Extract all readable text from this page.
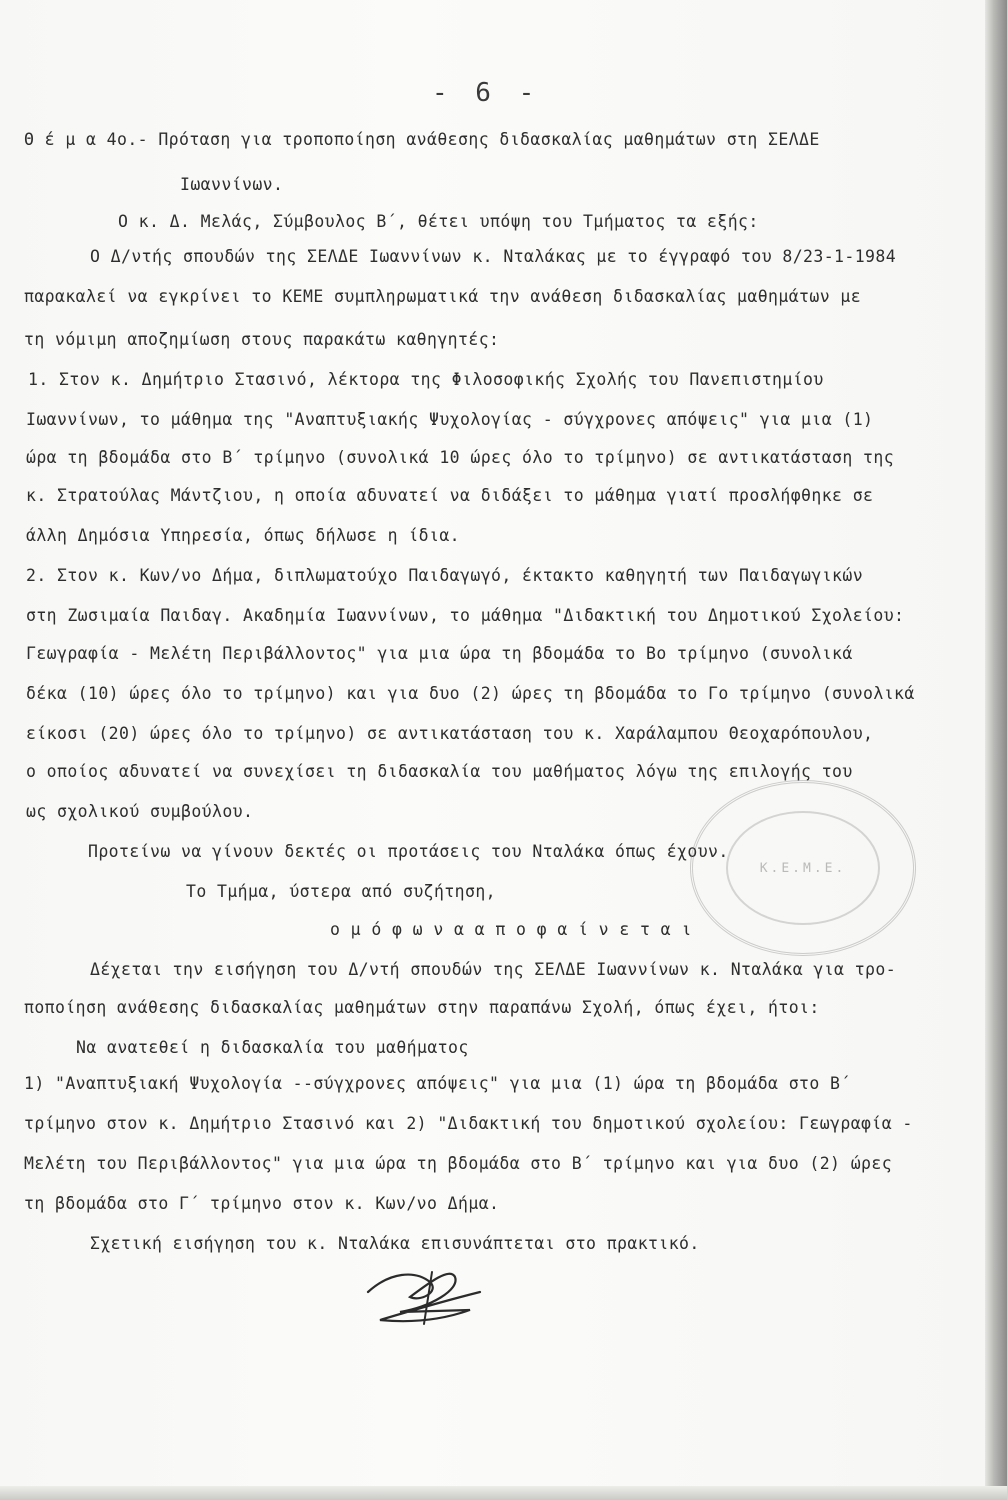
- 6 -
Θ έ μ α 4ο.- Πρόταση για τροποποίηση ανάθεσης διδασκαλίας μαθημάτων στη ΣΕΛΔΕ
Ιωαννίνων.
Ο κ. Δ. Μελάς, Σύμβουλος Β΄, θέτει υπόψη του Τμήματος τα εξής:
Ο Δ/ντής σπουδών της ΣΕΛΔΕ Ιωαννίνων κ. Νταλάκας με το έγγραφό του 8/23-1-1984
παρακαλεί να εγκρίνει το ΚΕΜΕ συμπληρωματικά την ανάθεση διδασκαλίας μαθημάτων με
τη νόμιμη αποζημίωση στους παρακάτω καθηγητές:
1. Στον κ. Δημήτριο Στασινό, λέκτορα της Φιλοσοφικής Σχολής του Πανεπιστημίου
Ιωαννίνων, το μάθημα της "Αναπτυξιακής Ψυχολογίας - σύγχρονες απόψεις" για μια (1)
ώρα τη βδομάδα στο Β΄ τρίμηνο (συνολικά 10 ώρες όλο το τρίμηνο) σε αντικατάσταση της
κ. Στρατούλας Μάντζιου, η οποία αδυνατεί να διδάξει το μάθημα γιατί προσλήφθηκε σε
άλλη Δημόσια Υπηρεσία, όπως δήλωσε η ίδια.
2. Στον κ. Κων/νο Δήμα, διπλωματούχο Παιδαγωγό, έκτακτο καθηγητή των Παιδαγωγικών
στη Ζωσιμαία Παιδαγ. Ακαδημία Ιωαννίνων, το μάθημα "Διδακτική του Δημοτικού Σχολείου:
Γεωγραφία - Μελέτη Περιβάλλοντος" για μια ώρα τη βδομάδα το Βο τρίμηνο (συνολικά
δέκα (10) ώρες όλο το τρίμηνο) και για δυο (2) ώρες τη βδομάδα το Γο τρίμηνο (συνολικά
είκοσι (20) ώρες όλο το τρίμηνο) σε αντικατάσταση του κ. Χαράλαμπου Θεοχαρόπουλου,
ο οποίος αδυνατεί να συνεχίσει τη διδασκαλία του μαθήματος λόγω της επιλογής του
ως σχολικού συμβούλου.
Προτείνω να γίνουν δεκτές οι προτάσεις του Νταλάκα όπως έχουν.
Το Τμήμα, ύστερα από συζήτηση,
ο μ ό φ ω ν α α π ο φ α ί ν ε τ α ι
Δέχεται την εισήγηση του Δ/ντή σπουδών της ΣΕΛΔΕ Ιωαννίνων κ. Νταλάκα για τρο-
ποποίηση ανάθεσης διδασκαλίας μαθημάτων στην παραπάνω Σχολή, όπως έχει, ήτοι:
Να ανατεθεί η διδασκαλία του μαθήματος
1) "Αναπτυξιακή Ψυχολογία --σύγχρονες απόψεις" για μια (1) ώρα τη βδομάδα στο Β΄
τρίμηνο στον κ. Δημήτριο Στασινό και 2) "Διδακτική του δημοτικού σχολείου: Γεωγραφία -
Μελέτη του Περιβάλλοντος" για μια ώρα τη βδομάδα στο Β΄ τρίμηνο και για δυο (2) ώρες
τη βδομάδα στο Γ΄ τρίμηνο στον κ. Κων/νο Δήμα.
Σχετική εισήγηση του κ. Νταλάκα επισυνάπτεται στο πρακτικό.
Κ.Ε.Μ.Ε.
